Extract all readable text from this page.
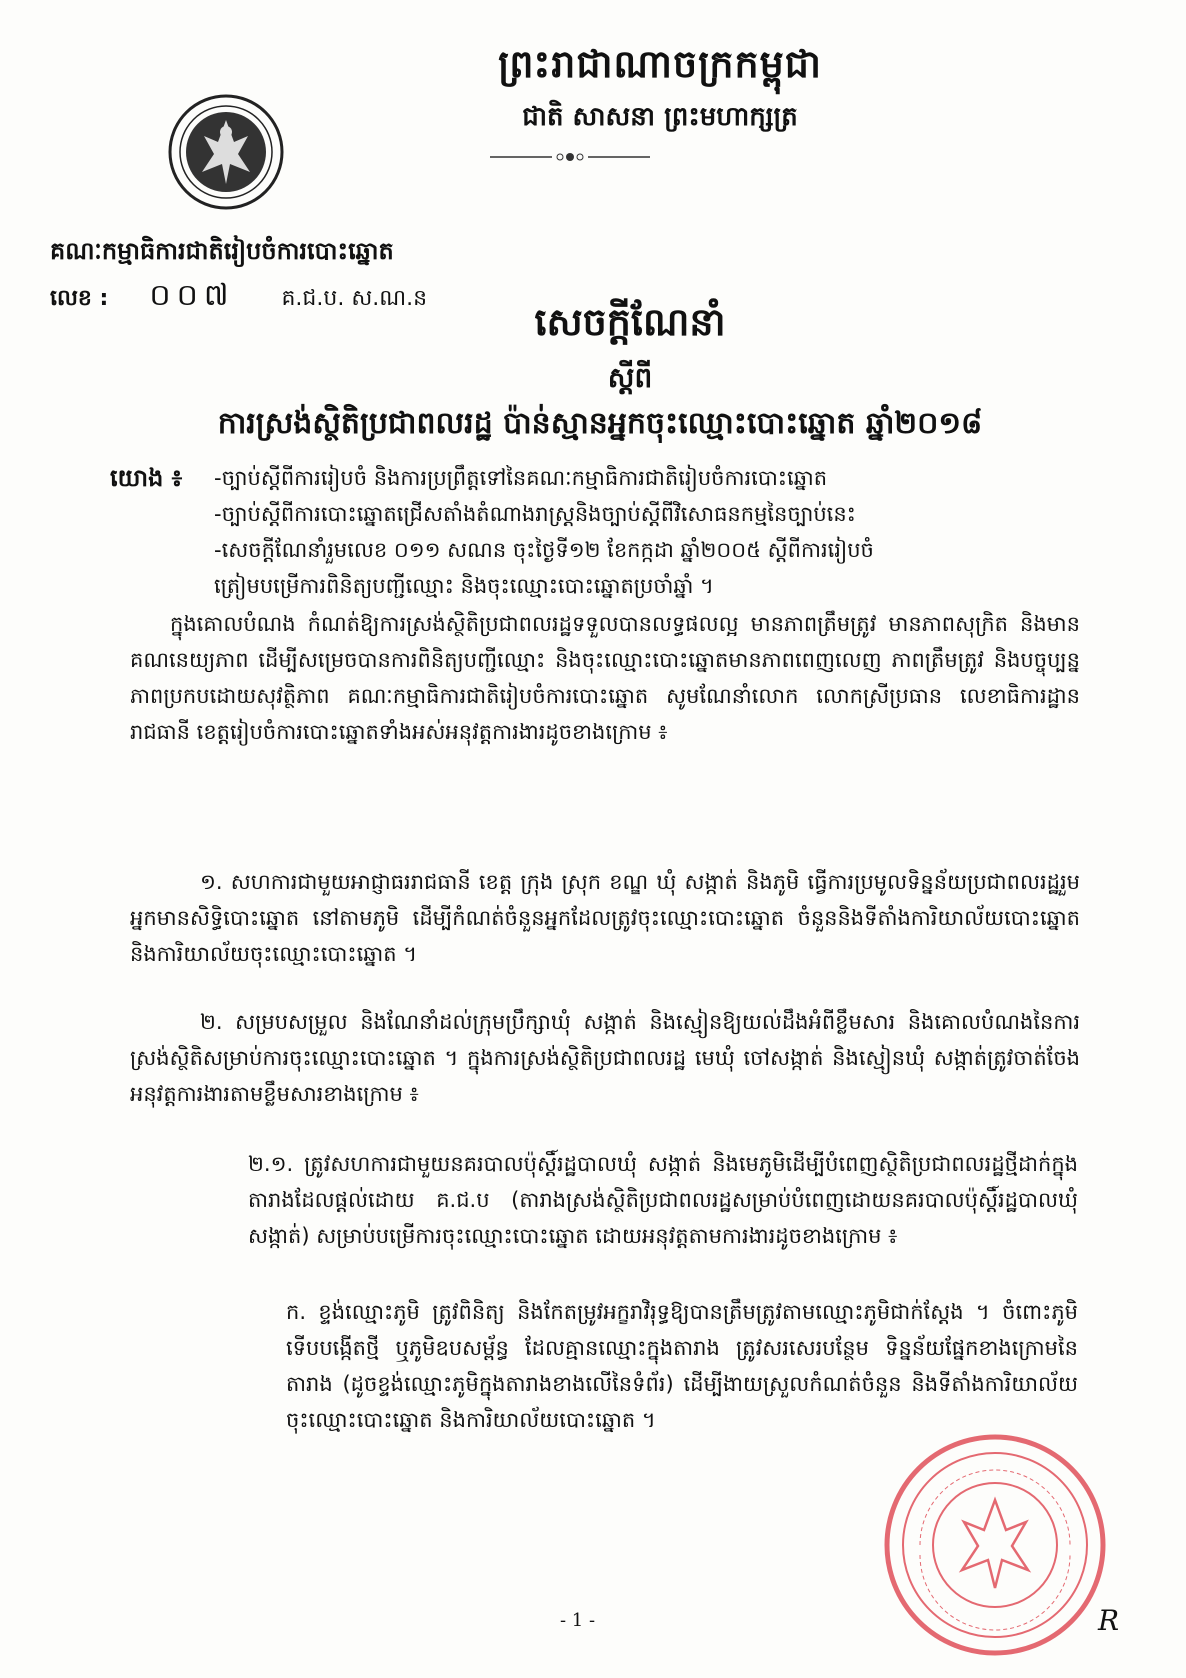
ព្រះរាជាណាចក្រកម្ពុជា
ជាតិ សាសនា ព្រះមហាក្សត្រ
គណៈកម្មាធិការជាតិរៀបចំការបោះឆ្នោត
លេខ : ០០៧ គ.ជ.ប. ស.ណ.ន
សេចក្តីណែនាំ
ស្តីពី
ការស្រង់ស្ថិតិប្រជាពលរដ្ឋ ប៉ាន់ស្មានអ្នកចុះឈ្មោះបោះឆ្នោត ឆ្នាំ២០១៨
យោង ៖	-ច្បាប់ស្តីពីការរៀបចំ និងការប្រព្រឹត្តទៅនៃគណៈកម្មាធិការជាតិរៀបចំការបោះឆ្នោត
-ច្បាប់ស្តីពីការបោះឆ្នោតជ្រើសតាំងតំណាងរាស្ត្រនិងច្បាប់ស្តីពីវិសោធនកម្មនៃច្បាប់នេះ
-សេចក្តីណែនាំរួមលេខ ០១១ សណន ចុះថ្ងៃទី១២ ខែកក្កដា ឆ្នាំ២០០៥ ស្តីពីការរៀបចំ
ត្រៀមបម្រើការពិនិត្យបញ្ជីឈ្មោះ និងចុះឈ្មោះបោះឆ្នោតប្រចាំឆ្នាំ ។
ក្នុងគោលបំណង កំណត់ឱ្យការស្រង់ស្ថិតិប្រជាពលរដ្ឋទទួលបានលទ្ធផលល្អ មានភាពត្រឹមត្រូវ មានភាពសុក្រិត និងមានគណនេយ្យភាព ដើម្បីសម្រេចបានការពិនិត្យបញ្ជីឈ្មោះ និងចុះឈ្មោះបោះឆ្នោតមានភាពពេញលេញ ភាពត្រឹមត្រូវ និងបច្ចុប្បន្នភាពប្រកបដោយសុវត្ថិភាព គណៈកម្មាធិការជាតិរៀបចំការបោះឆ្នោត សូមណែនាំលោក លោកស្រីប្រធាន លេខាធិការដ្ឋានរាជធានី ខេត្តរៀបចំការបោះឆ្នោតទាំងអស់អនុវត្តការងារដូចខាងក្រោម ៖
១. សហការជាមួយអាជ្ញាធររាជធានី ខេត្ត ក្រុង ស្រុក ខណ្ឌ ឃុំ សង្កាត់ និងភូមិ ធ្វើការប្រមូលទិន្នន័យប្រជាពលរដ្ឋរួម អ្នកមានសិទ្ធិបោះឆ្នោត នៅតាមភូមិ ដើម្បីកំណត់ចំនួនអ្នកដែលត្រូវចុះឈ្មោះបោះឆ្នោត ចំនួននិងទីតាំងការិយាល័យបោះឆ្នោត និងការិយាល័យចុះឈ្មោះបោះឆ្នោត ។
២. សម្របសម្រួល និងណែនាំដល់ក្រុមប្រឹក្សាឃុំ សង្កាត់ និងស្មៀនឱ្យយល់ដឹងអំពីខ្លឹមសារ និងគោលបំណងនៃការស្រង់ស្ថិតិសម្រាប់ការចុះឈ្មោះបោះឆ្នោត ។ ក្នុងការស្រង់ស្ថិតិប្រជាពលរដ្ឋ មេឃុំ ចៅសង្កាត់ និងស្មៀនឃុំ សង្កាត់ត្រូវចាត់ចែងអនុវត្តការងារតាមខ្លឹមសារខាងក្រោម ៖
២.១. ត្រូវសហការជាមួយនគរបាលប៉ុស្តិ៍រដ្ឋបាលឃុំ សង្កាត់ និងមេភូមិដើម្បីបំពេញស្ថិតិប្រជាពលរដ្ឋថ្មីដាក់ក្នុងតារាងដែលផ្តល់ដោយ គ.ជ.ប (តារាងស្រង់ស្ថិតិប្រជាពលរដ្ឋសម្រាប់បំពេញដោយនគរបាលប៉ុស្តិ៍រដ្ឋបាលឃុំ សង្កាត់) សម្រាប់បម្រើការចុះឈ្មោះបោះឆ្នោត ដោយអនុវត្តតាមការងារដូចខាងក្រោម ៖
ក. ខ្ទង់ឈ្មោះភូមិ ត្រូវពិនិត្យ និងកែតម្រូវអក្ខរាវិរុទ្ធឱ្យបានត្រឹមត្រូវតាមឈ្មោះភូមិជាក់ស្តែង ។ ចំពោះភូមិទើបបង្កើតថ្មី ឬភូមិឧបសម្ព័ន្ធ ដែលគ្មានឈ្មោះក្នុងតារាង ត្រូវសរសេរបន្ថែម ទិន្នន័យផ្នែកខាងក្រោមនៃតារាង (ដូចខ្ទង់ឈ្មោះភូមិក្នុងតារាងខាងលើនៃទំព័រ) ដើម្បីងាយស្រួលកំណត់ចំនួន និងទីតាំងការិយាល័យចុះឈ្មោះបោះឆ្នោត និងការិយាល័យបោះឆ្នោត ។
- 1 -	R
